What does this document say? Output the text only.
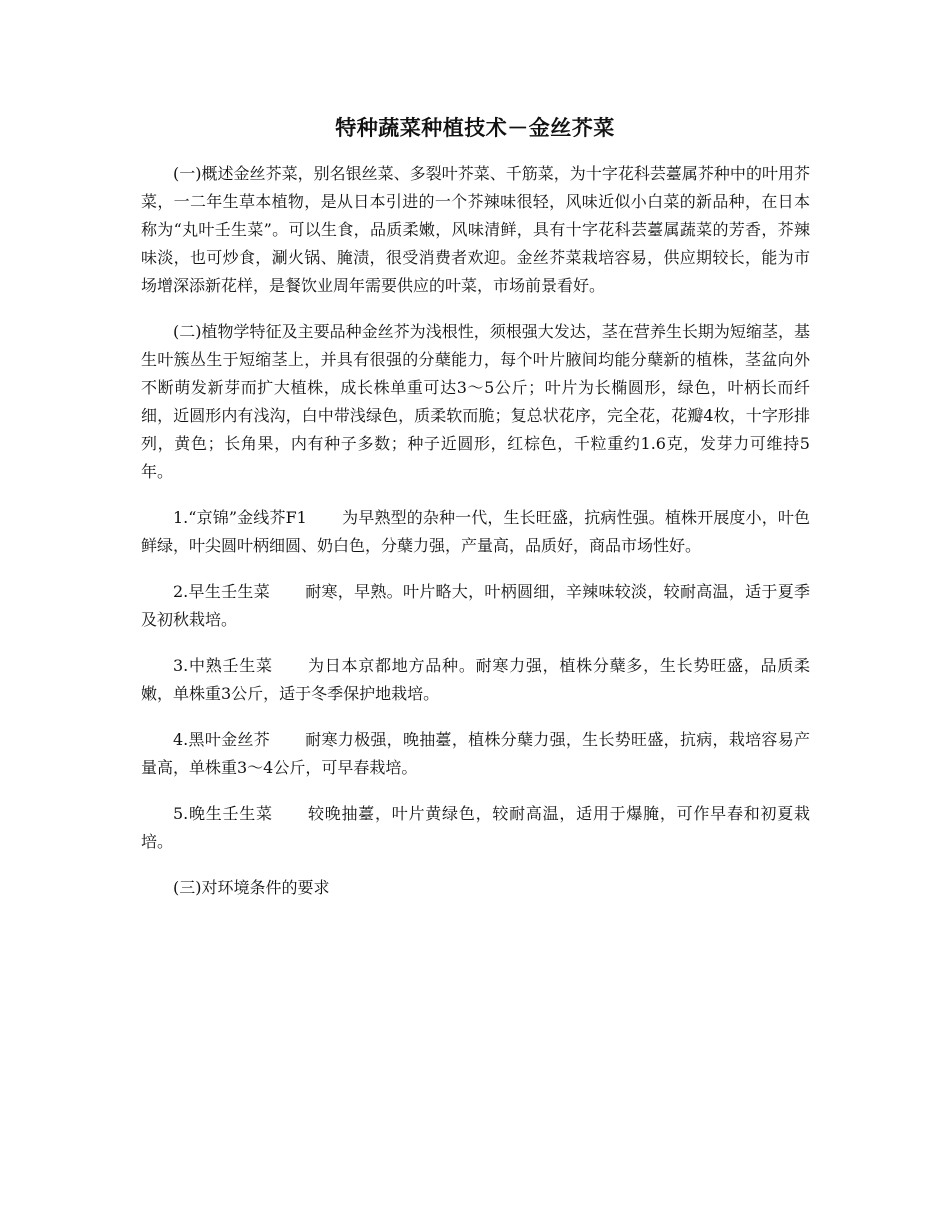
特种蔬菜种植技术－金丝芥菜

(一)概述金丝芥菜，别名银丝菜、多裂叶芥菜、千筋菜，为十字花科芸薹属芥种中的叶用芥菜，一二年生草本植物，是从日本引进的一个芥辣味很轻，风味近似小白菜的新品种，在日本称为“丸叶壬生菜”。可以生食，品质柔嫩，风味清鲜，具有十字花科芸薹属蔬菜的芳香，芥辣味淡，也可炒食，涮火锅、腌渍，很受消费者欢迎。金丝芥菜栽培容易，供应期较长，能为市场增深添新花样，是餐饮业周年需要供应的叶菜，市场前景看好。

(二)植物学特征及主要品种金丝芥为浅根性，须根强大发达，茎在营养生长期为短缩茎，基生叶簇丛生于短缩茎上，并具有很强的分蘖能力，每个叶片腋间均能分蘖新的植株，茎盆向外不断萌发新芽而扩大植株，成长株单重可达3～5公斤；叶片为长椭圆形，绿色，叶柄长而纤细，近圆形内有浅沟，白中带浅绿色，质柔软而脆；复总状花序，完全花，花瓣4枚，十字形排列，黄色；长角果，内有种子多数；种子近圆形，红棕色，千粒重约1.6克，发芽力可维持5年。

1.“京锦”金线芥F1 为早熟型的杂种一代，生长旺盛，抗病性强。植株开展度小，叶色鲜绿，叶尖圆叶柄细圆、奶白色，分蘖力强，产量高，品质好，商品市场性好。

2.早生壬生菜 耐寒，早熟。叶片略大，叶柄圆细，辛辣味较淡，较耐高温，适于夏季及初秋栽培。

3.中熟壬生菜 为日本京都地方品种。耐寒力强，植株分蘖多，生长势旺盛，品质柔嫩，单株重3公斤，适于冬季保护地栽培。

4.黑叶金丝芥 耐寒力极强，晚抽薹，植株分蘖力强，生长势旺盛，抗病，栽培容易产量高，单株重3～4公斤，可早春栽培。

5.晚生壬生菜 较晚抽薹，叶片黄绿色，较耐高温，适用于爆腌，可作早春和初夏栽培。

(三)对环境条件的要求
